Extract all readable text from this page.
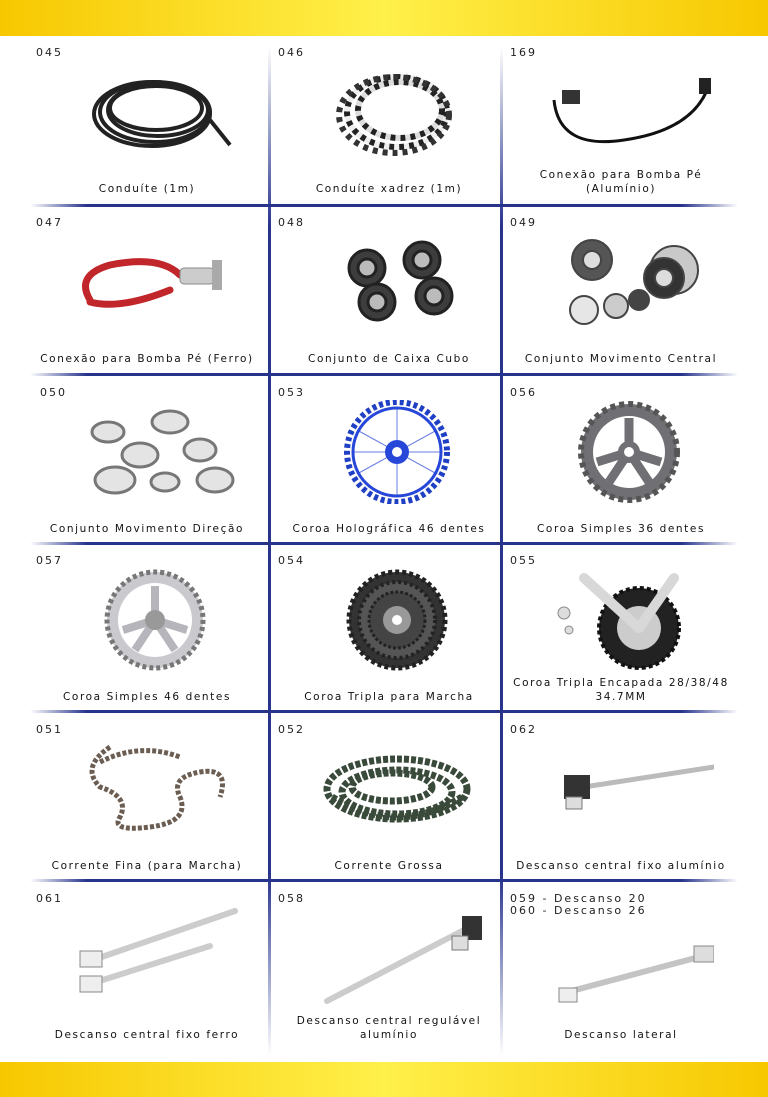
045
Conduíte (1m)
046
Conduíte xadrez (1m)
169
Conexão para Bomba Pé (Alumínio)
047
Conexão para Bomba Pé (Ferro)
048
Conjunto de Caixa Cubo
049
Conjunto Movimento Central
050
Conjunto Movimento Direção
053
Coroa Holográfica 46 dentes
056
Coroa Simples 36 dentes
057
Coroa Simples 46 dentes
054
Coroa Tripla para Marcha
055
Coroa Tripla Encapada 28/38/48 34.7MM
051
Corrente Fina (para Marcha)
052
Corrente Grossa
062
Descanso central fixo alumínio
061
Descanso central fixo ferro
058
Descanso central regulável alumínio
059 - Descanso 20
060 - Descanso 26
Descanso lateral
